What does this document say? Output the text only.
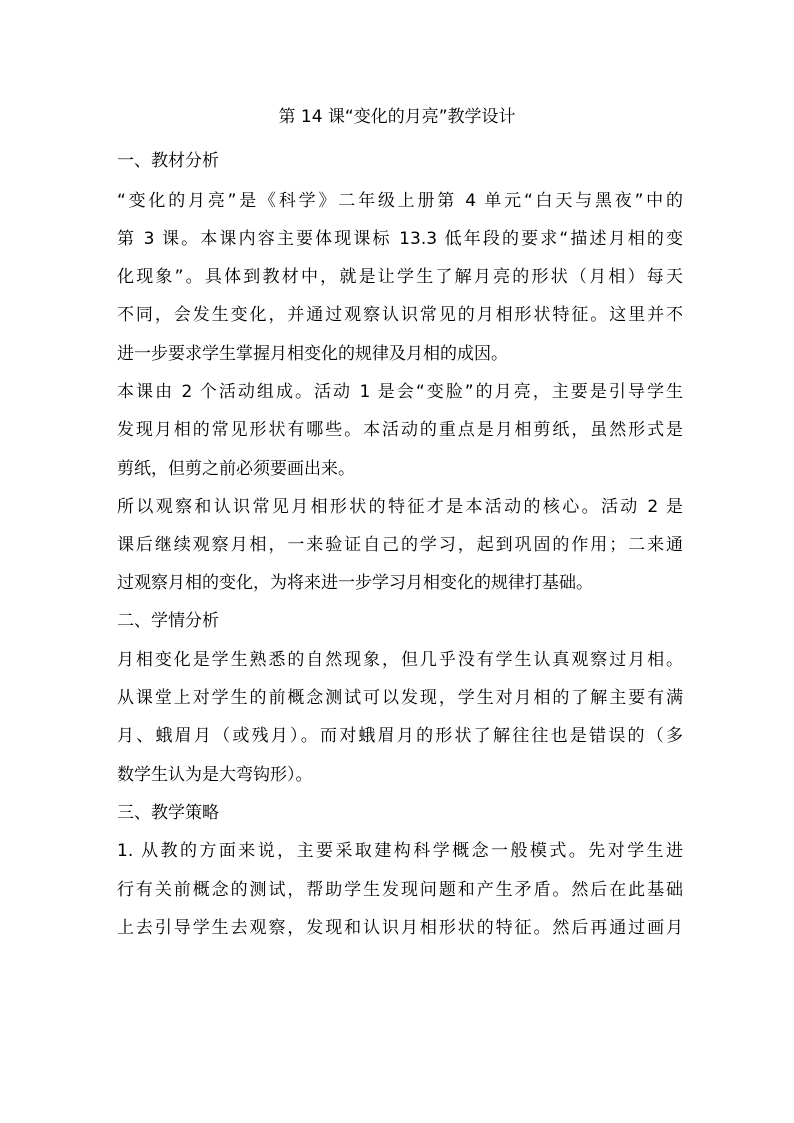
第 14 课“变化的月亮”教学设计

一、教材分析

“变化的月亮”是《科学》二年级上册第 4 单元“白天与黑夜”中的

第 3 课。本课内容主要体现课标 13.3 低年段的要求“描述月相的变

化现象”。具体到教材中，就是让学生了解月亮的形状（月相）每天

不同，会发生变化，并通过观察认识常见的月相形状特征。这里并不

进一步要求学生掌握月相变化的规律及月相的成因。

本课由 2 个活动组成。活动 1 是会“变脸”的月亮，主要是引导学生

发现月相的常见形状有哪些。本活动的重点是月相剪纸，虽然形式是

剪纸，但剪之前必须要画出来。

所以观察和认识常见月相形状的特征才是本活动的核心。活动 2 是

课后继续观察月相，一来验证自己的学习，起到巩固的作用；二来通

过观察月相的变化，为将来进一步学习月相变化的规律打基础。

二、学情分析

月相变化是学生熟悉的自然现象，但几乎没有学生认真观察过月相。

从课堂上对学生的前概念测试可以发现，学生对月相的了解主要有满

月、蛾眉月（或残月）。而对蛾眉月的形状了解往往也是错误的（多

数学生认为是大弯钩形）。

三、教学策略

1. 从教的方面来说，主要采取建构科学概念一般模式。先对学生进

行有关前概念的测试，帮助学生发现问题和产生矛盾。然后在此基础

上去引导学生去观察，发现和认识月相形状的特征。然后再通过画月
